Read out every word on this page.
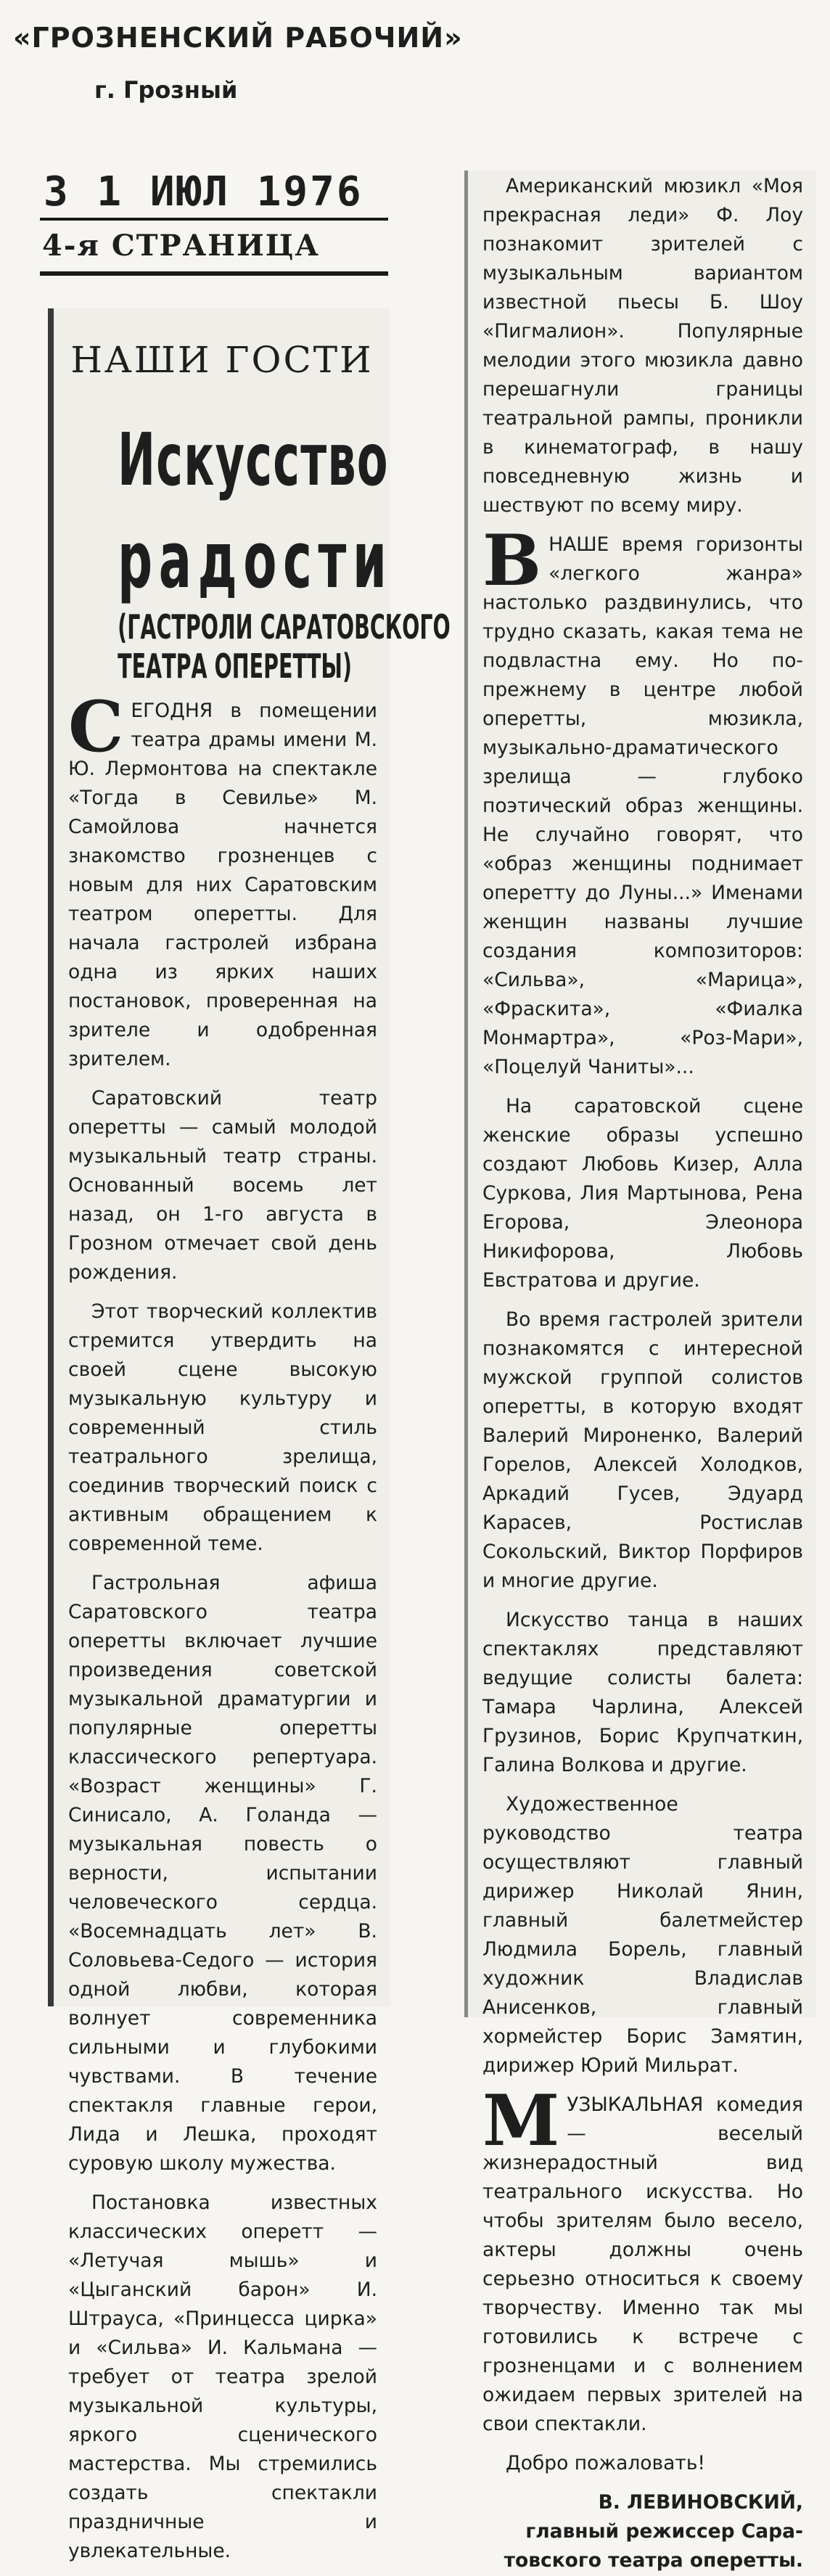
«ГРОЗНЕНСКИЙ РАБОЧИЙ»
г. Грозный
3 1 ИЮЛ 1976
4-я СТРАНИЦА
НАШИ ГОСТИ
Искусство
радости
(ГАСТРОЛИ САРАТОВСКОГО
ТЕАТРА ОПЕРЕТТЫ)

СЕГОДНЯ в помещении театра драмы имени М. Ю. Лермонтова на спектакле «Тогда в Севилье» М. Самойлова начнется знакомство грозненцев с новым для них Саратовским театром оперетты. Для начала гастролей избрана одна из ярких наших постановок, проверенная на зрителе и одобренная зрителем.

Саратовский театр оперетты — самый молодой музыкальный театр страны. Основанный восемь лет назад, он 1-го августа в Грозном отмечает свой день рождения.

Этот творческий коллектив стремится утвердить на своей сцене высокую музыкальную культуру и современный стиль театрального зрелища, соединив творческий поиск с активным обращением к современной теме.

Гастрольная афиша Саратовского театра оперетты включает лучшие произведения советской музыкальной драматургии и популярные оперетты классического репертуара. «Возраст женщины» Г. Синисало, А. Голанда — музыкальная повесть о верности, испытании человеческого сердца. «Восемнадцать лет» В. Соловьева-Седого — история одной любви, которая волнует современника сильными и глубокими чувствами. В течение спектакля главные герои, Лида и Лешка, проходят суровую школу мужества.

Постановка известных классических оперетт — «Летучая мышь» и «Цыганский барон» И. Штрауса, «Принцесса цирка» и «Сильва» И. Кальмана — требует от театра зрелой музыкальной культуры, яркого сценического мастерства. Мы стремились создать спектакли праздничные и увлекательные.

Американский мюзикл «Моя прекрасная леди» Ф. Лоу познакомит зрителей с музыкальным вариантом известной пьесы Б. Шоу «Пигмалион». Популярные мелодии этого мюзикла давно перешагнули границы театральной рампы, проникли в кинематограф, в нашу повседневную жизнь и шествуют по всему миру.

ВНАШЕ время горизонты «легкого жанра» настолько раздвинулись, что трудно сказать, какая тема не подвластна ему. Но по-прежнему в центре любой оперетты, мюзикла, музыкально-драматического зрелища — глубоко поэтический образ женщины. Не случайно говорят, что «образ женщины поднимает оперетту до Луны...» Именами женщин названы лучшие создания композиторов: «Сильва», «Марица», «Фраскита», «Фиалка Монмартра», «Роз-Мари», «Поцелуй Чаниты»...

На саратовской сцене женские образы успешно создают Любовь Кизер, Алла Суркова, Лия Мартынова, Рена Егорова, Элеонора Никифорова, Любовь Евстратова и другие.

Во время гастролей зрители познакомятся с интересной мужской группой солистов оперетты, в которую входят Валерий Мироненко, Валерий Горелов, Алексей Холодков, Аркадий Гусев, Эдуард Карасев, Ростислав Сокольский, Виктор Порфиров и многие другие.

Искусство танца в наших спектаклях представляют ведущие солисты балета: Тамара Чарлина, Алексей Грузинов, Борис Крупчаткин, Галина Волкова и другие.

Художественное руководство театра осуществляют главный дирижер Николай Янин, главный балетмейстер Людмила Борель, главный художник Владислав Анисенков, главный хормейстер Борис Замятин, дирижер Юрий Мильрат.

МУЗЫКАЛЬНАЯ комедия — веселый жизнерадостный вид театрального искусства. Но чтобы зрителям было весело, актеры должны очень серьезно относиться к своему творчеству. Именно так мы готовились к встрече с грозненцами и с волнением ожидаем первых зрителей на свои спектакли.

Добро пожаловать!

В. ЛЕВИНОВСКИЙ,
главный режиссер Сара-
товского театра оперетты.
